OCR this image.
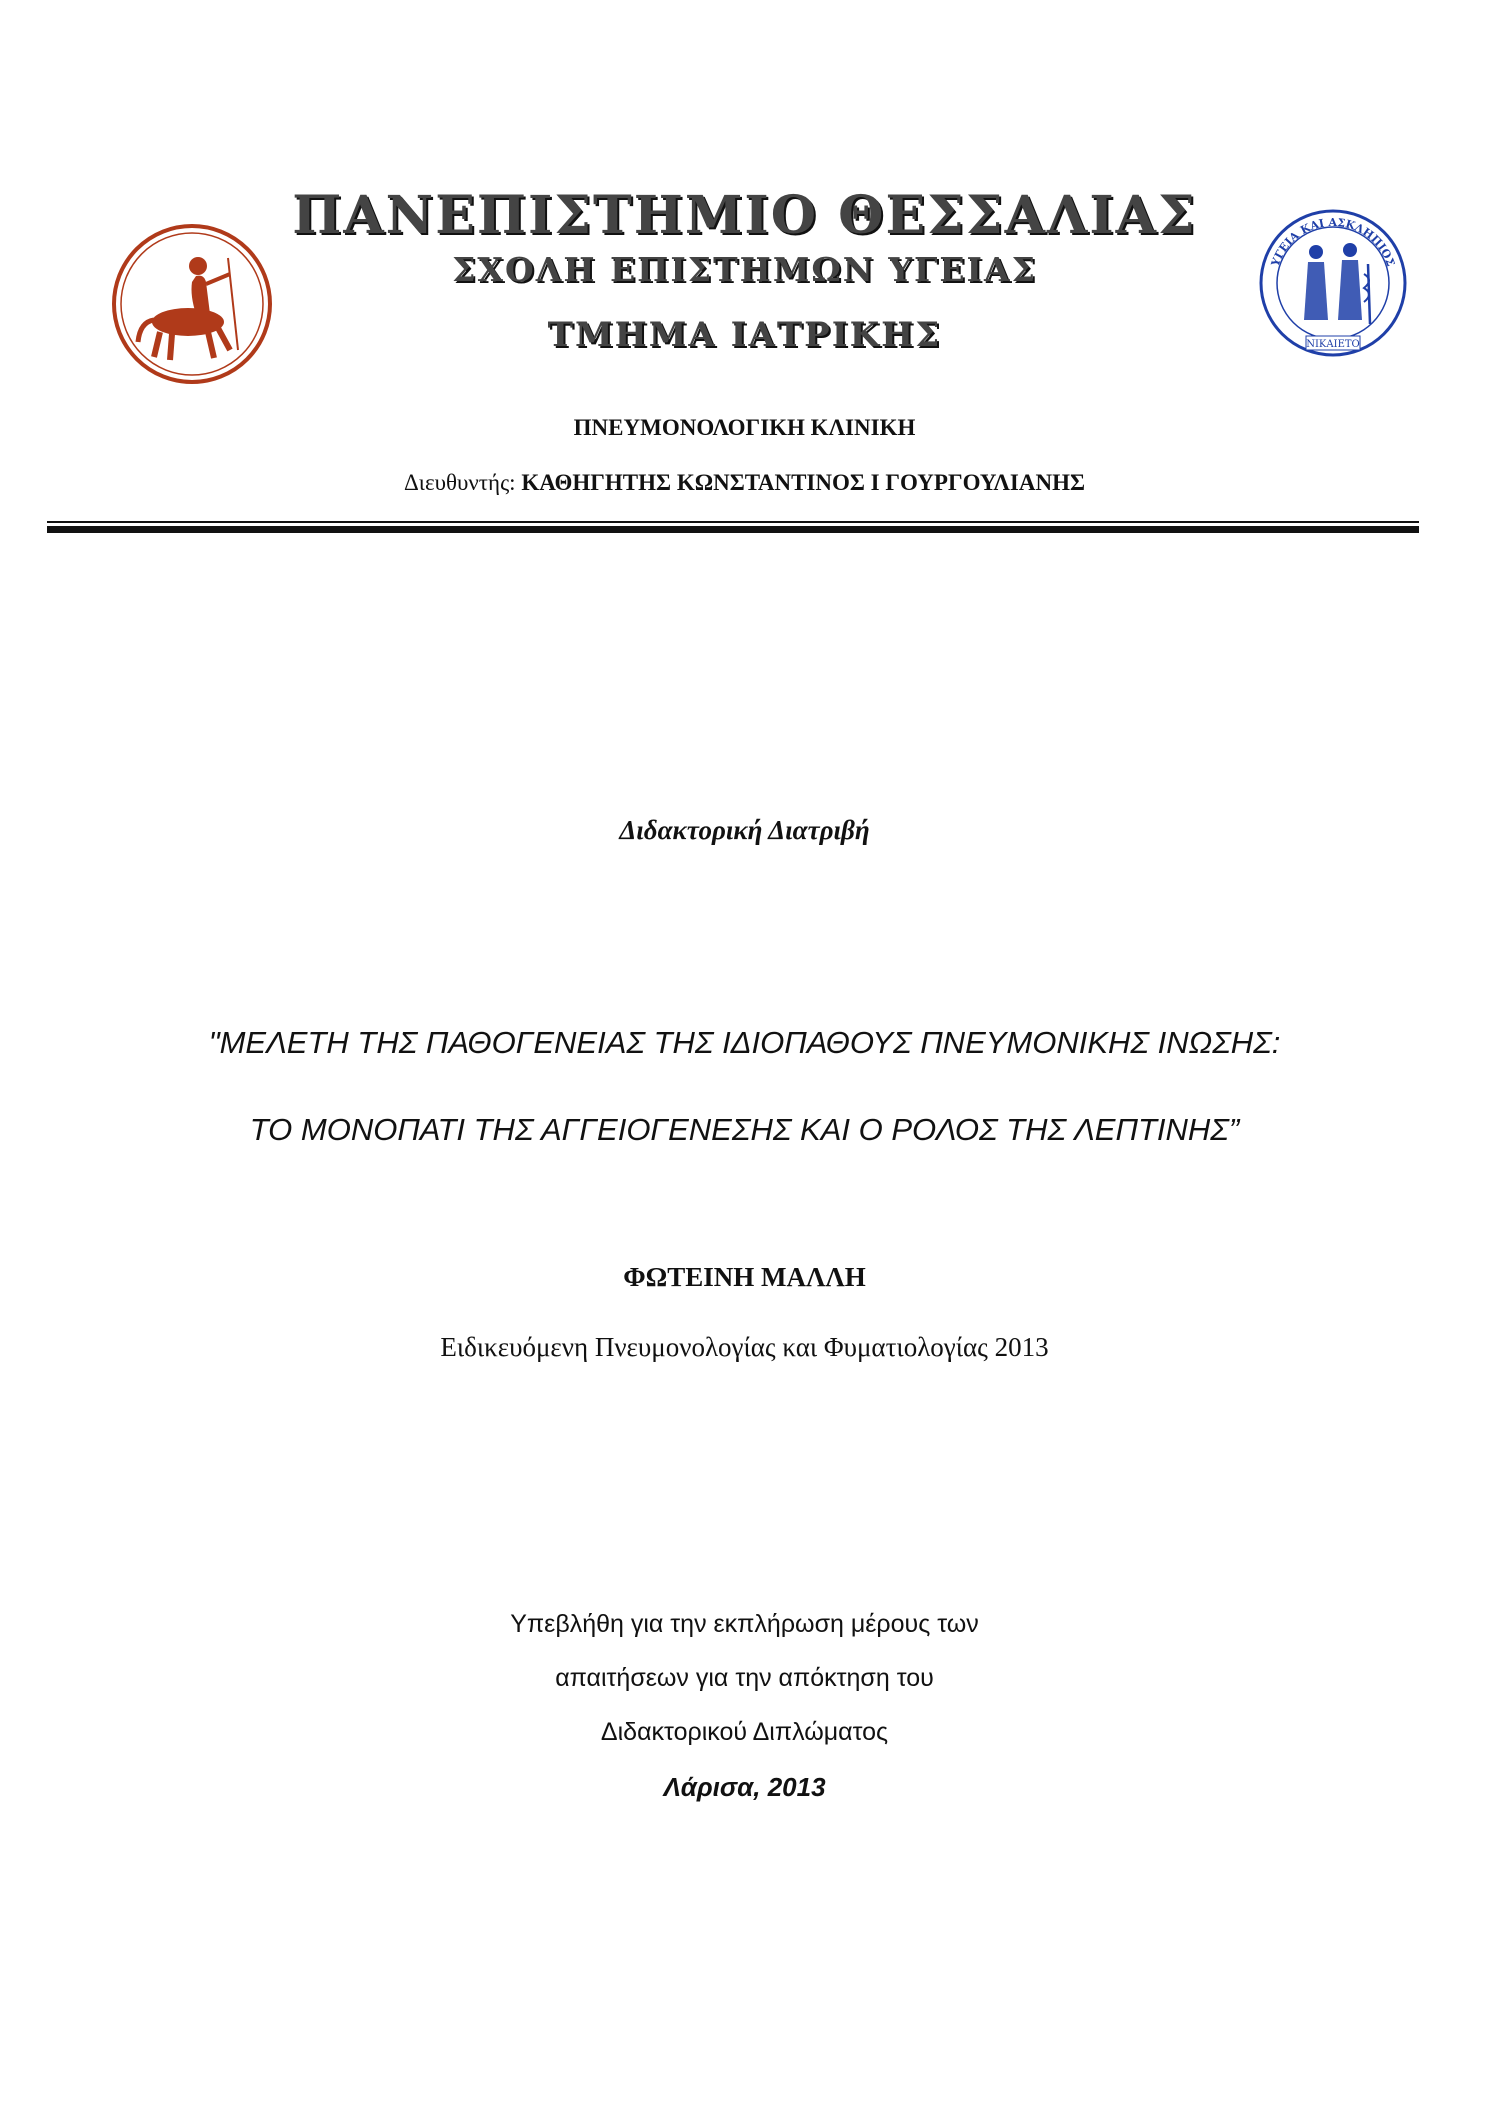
ΥΓΕΙΑ ΚΑΙ ΑΣΚΛΗΠΙΟΣ
ΝΙΚΑΙΕΤΟ
ΠΑΝΕΠΙΣΤΗΜΙΟ ΘΕΣΣΑΛΙΑΣ
ΣΧΟΛΗ ΕΠΙΣΤΗΜΩΝ ΥΓΕΙΑΣ
ΤΜΗΜΑ ΙΑΤΡΙΚΗΣ
ΠΝΕΥΜΟΝΟΛΟΓΙΚΗ ΚΛΙΝΙΚΗ
Διευθυντής: ΚΑΘΗΓΗΤΗΣ ΚΩΝΣΤΑΝΤΙΝΟΣ Ι ΓΟΥΡΓΟΥΛΙΑΝΗΣ
Διδακτορική Διατριβή
"ΜΕΛΕΤΗ ΤΗΣ ΠΑΘΟΓΕΝΕΙΑΣ ΤΗΣ ΙΔΙΟΠΑΘΟΥΣ ΠΝΕΥΜΟΝΙΚΗΣ ΙΝΩΣΗΣ:
ΤΟ ΜΟΝΟΠΑΤΙ ΤΗΣ ΑΓΓΕΙΟΓΕΝΕΣΗΣ ΚΑΙ Ο ΡΟΛΟΣ ΤΗΣ ΛΕΠΤΙΝΗΣ”
ΦΩΤΕΙΝΗ ΜΑΛΛΗ
Ειδικευόμενη Πνευμονολογίας και Φυματιολογίας 2013
Υπεβλήθη για την εκπλήρωση μέρους των
απαιτήσεων για την απόκτηση του
Διδακτορικού Διπλώματος
Λάρισα, 2013
